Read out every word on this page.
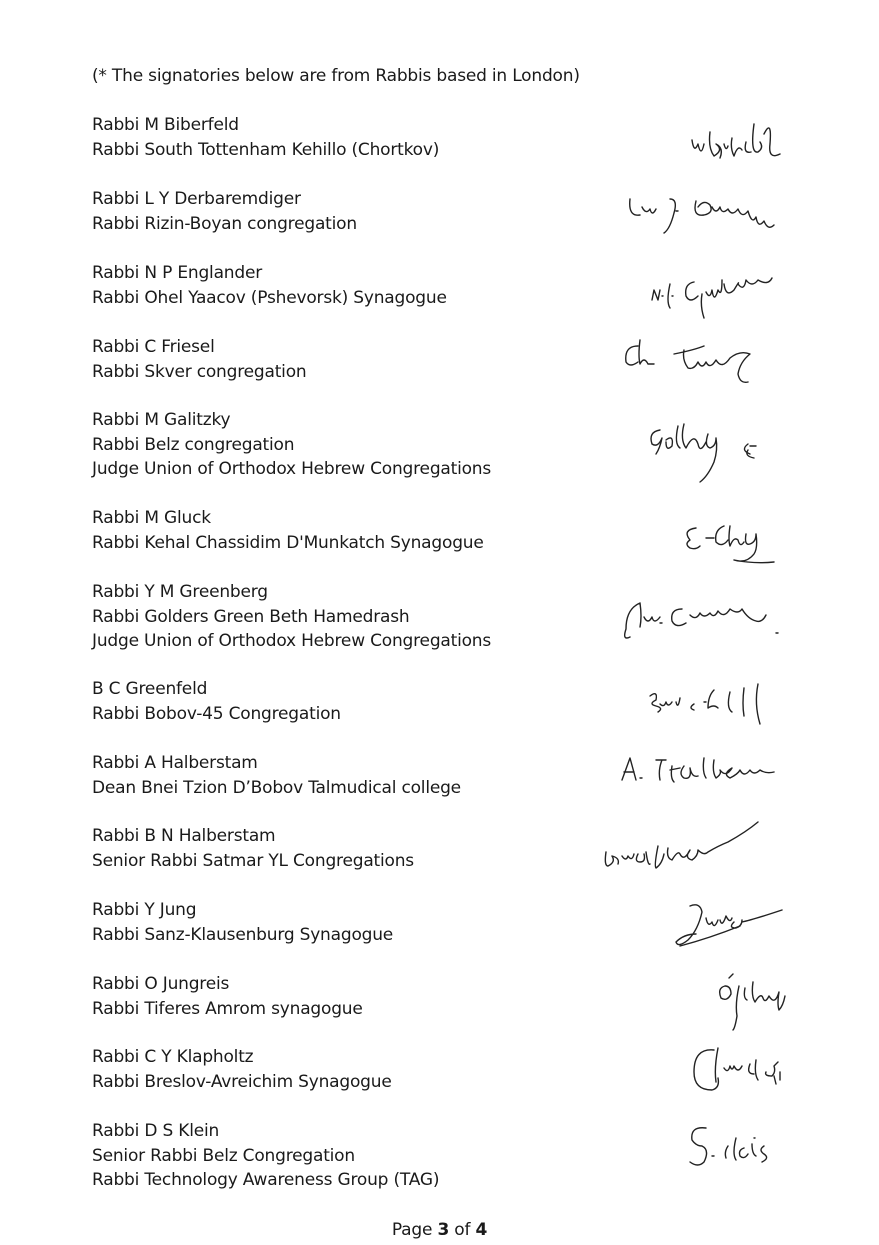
(* The signatories below are from Rabbis based in London)
Rabbi M Biberfeld
Rabbi South Tottenham Kehillo (Chortkov)
Rabbi L Y Derbaremdiger
Rabbi Rizin-Boyan congregation
Rabbi N P Englander
Rabbi Ohel Yaacov (Pshevorsk) Synagogue
Rabbi C Friesel
Rabbi Skver congregation
Rabbi M Galitzky
Rabbi Belz congregation
Judge Union of Orthodox Hebrew Congregations
Rabbi M Gluck
Rabbi Kehal Chassidim D'Munkatch Synagogue
Rabbi Y M Greenberg
Rabbi Golders Green Beth Hamedrash
Judge Union of Orthodox Hebrew Congregations
B C Greenfeld
Rabbi Bobov-45 Congregation
Rabbi A Halberstam
Dean Bnei Tzion D’Bobov Talmudical college
Rabbi B N Halberstam
Senior Rabbi Satmar YL Congregations
Rabbi Y Jung
Rabbi Sanz-Klausenburg Synagogue
Rabbi O Jungreis
Rabbi Tiferes Amrom synagogue
Rabbi C Y Klapholtz
Rabbi Breslov-Avreichim Synagogue
Rabbi D S Klein
Senior Rabbi Belz Congregation
Rabbi Technology Awareness Group (TAG)
Page 3 of 4
